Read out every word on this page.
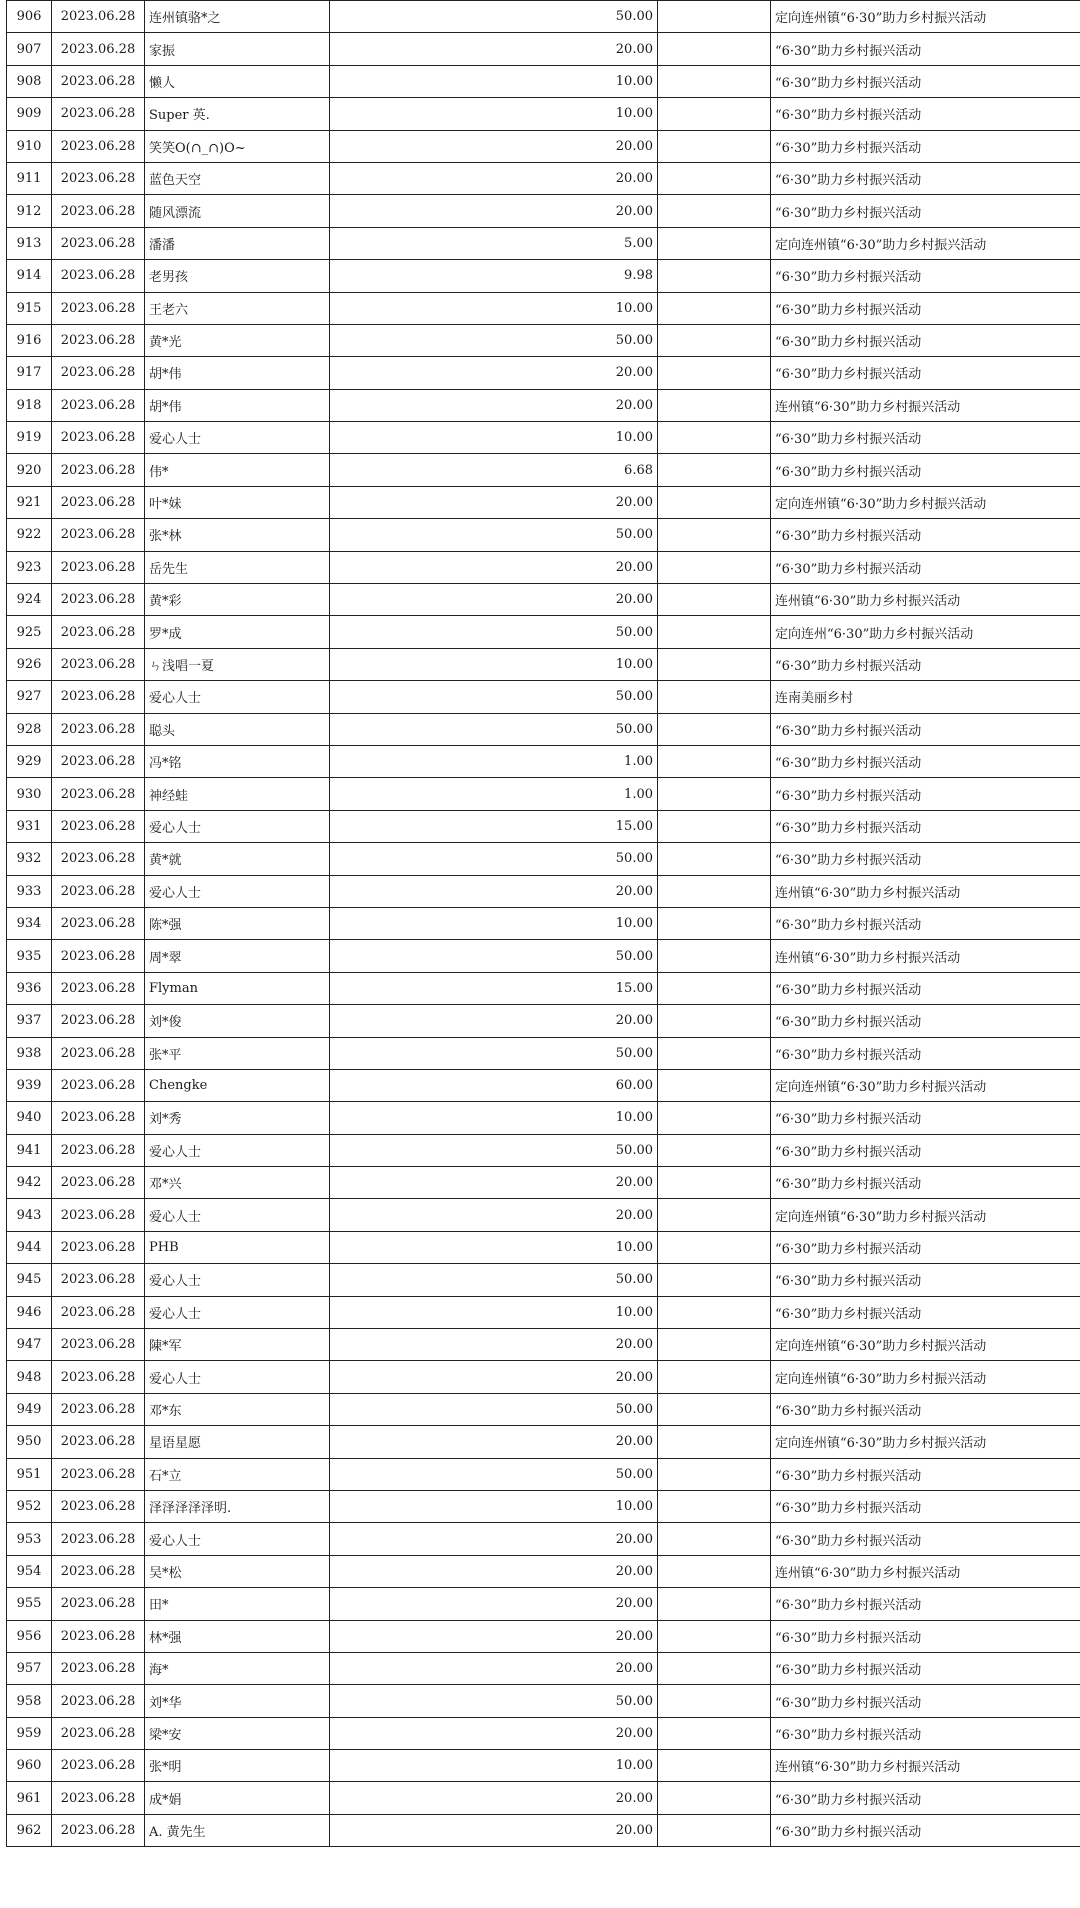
906	2023.06.28	连州镇骆*之	50.00		定向连州镇“6·30”助力乡村振兴活动
907	2023.06.28	家振	20.00		“6·30”助力乡村振兴活动
908	2023.06.28	懒人	10.00		“6·30”助力乡村振兴活动
909	2023.06.28	Super 英.	10.00		“6·30”助力乡村振兴活动
910	2023.06.28	笑笑O(∩_∩)O~	20.00		“6·30”助力乡村振兴活动
911	2023.06.28	蓝色天空	20.00		“6·30”助力乡村振兴活动
912	2023.06.28	随风漂流	20.00		“6·30”助力乡村振兴活动
913	2023.06.28	潘潘	5.00		定向连州镇“6·30”助力乡村振兴活动
914	2023.06.28	老男孩	9.98		“6·30”助力乡村振兴活动
915	2023.06.28	王老六	10.00		“6·30”助力乡村振兴活动
916	2023.06.28	黄*光	50.00		“6·30”助力乡村振兴活动
917	2023.06.28	胡*伟	20.00		“6·30”助力乡村振兴活动
918	2023.06.28	胡*伟	20.00		连州镇“6·30”助力乡村振兴活动
919	2023.06.28	爱心人士	10.00		“6·30”助力乡村振兴活动
920	2023.06.28	伟*	6.68		“6·30”助力乡村振兴活动
921	2023.06.28	叶*妹	20.00		定向连州镇“6·30”助力乡村振兴活动
922	2023.06.28	张*林	50.00		“6·30”助力乡村振兴活动
923	2023.06.28	岳先生	20.00		“6·30”助力乡村振兴活动
924	2023.06.28	黄*彩	20.00		连州镇“6·30”助力乡村振兴活动
925	2023.06.28	罗*成	50.00		定向连州“6·30”助力乡村振兴活动
926	2023.06.28	ㄣ浅唱一夏	10.00		“6·30”助力乡村振兴活动
927	2023.06.28	爱心人士	50.00		连南美丽乡村
928	2023.06.28	聪头	50.00		“6·30”助力乡村振兴活动
929	2023.06.28	冯*铭	1.00		“6·30”助力乡村振兴活动
930	2023.06.28	神经蛙	1.00		“6·30”助力乡村振兴活动
931	2023.06.28	爱心人士	15.00		“6·30”助力乡村振兴活动
932	2023.06.28	黄*就	50.00		“6·30”助力乡村振兴活动
933	2023.06.28	爱心人士	20.00		连州镇“6·30”助力乡村振兴活动
934	2023.06.28	陈*强	10.00		“6·30”助力乡村振兴活动
935	2023.06.28	周*翠	50.00		连州镇“6·30”助力乡村振兴活动
936	2023.06.28	Flyman	15.00		“6·30”助力乡村振兴活动
937	2023.06.28	刘*俊	20.00		“6·30”助力乡村振兴活动
938	2023.06.28	张*平	50.00		“6·30”助力乡村振兴活动
939	2023.06.28	Chengke	60.00		定向连州镇“6·30”助力乡村振兴活动
940	2023.06.28	刘*秀	10.00		“6·30”助力乡村振兴活动
941	2023.06.28	爱心人士	50.00		“6·30”助力乡村振兴活动
942	2023.06.28	邓*兴	20.00		“6·30”助力乡村振兴活动
943	2023.06.28	爱心人士	20.00		定向连州镇“6·30”助力乡村振兴活动
944	2023.06.28	PHB	10.00		“6·30”助力乡村振兴活动
945	2023.06.28	爱心人士	50.00		“6·30”助力乡村振兴活动
946	2023.06.28	爱心人士	10.00		“6·30”助力乡村振兴活动
947	2023.06.28	陳*军	20.00		定向连州镇“6·30”助力乡村振兴活动
948	2023.06.28	爱心人士	20.00		定向连州镇“6·30”助力乡村振兴活动
949	2023.06.28	邓*东	50.00		“6·30”助力乡村振兴活动
950	2023.06.28	星语星愿	20.00		定向连州镇“6·30”助力乡村振兴活动
951	2023.06.28	石*立	50.00		“6·30”助力乡村振兴活动
952	2023.06.28	泽泽泽泽泽明.	10.00		“6·30”助力乡村振兴活动
953	2023.06.28	爱心人士	20.00		“6·30”助力乡村振兴活动
954	2023.06.28	吴*松	20.00		连州镇“6·30”助力乡村振兴活动
955	2023.06.28	田*	20.00		“6·30”助力乡村振兴活动
956	2023.06.28	林*强	20.00		“6·30”助力乡村振兴活动
957	2023.06.28	海*	20.00		“6·30”助力乡村振兴活动
958	2023.06.28	刘*华	50.00		“6·30”助力乡村振兴活动
959	2023.06.28	梁*安	20.00		“6·30”助力乡村振兴活动
960	2023.06.28	张*明	10.00		连州镇“6·30”助力乡村振兴活动
961	2023.06.28	成*娟	20.00		“6·30”助力乡村振兴活动
962	2023.06.28	A. 黄先生	20.00		“6·30”助力乡村振兴活动
